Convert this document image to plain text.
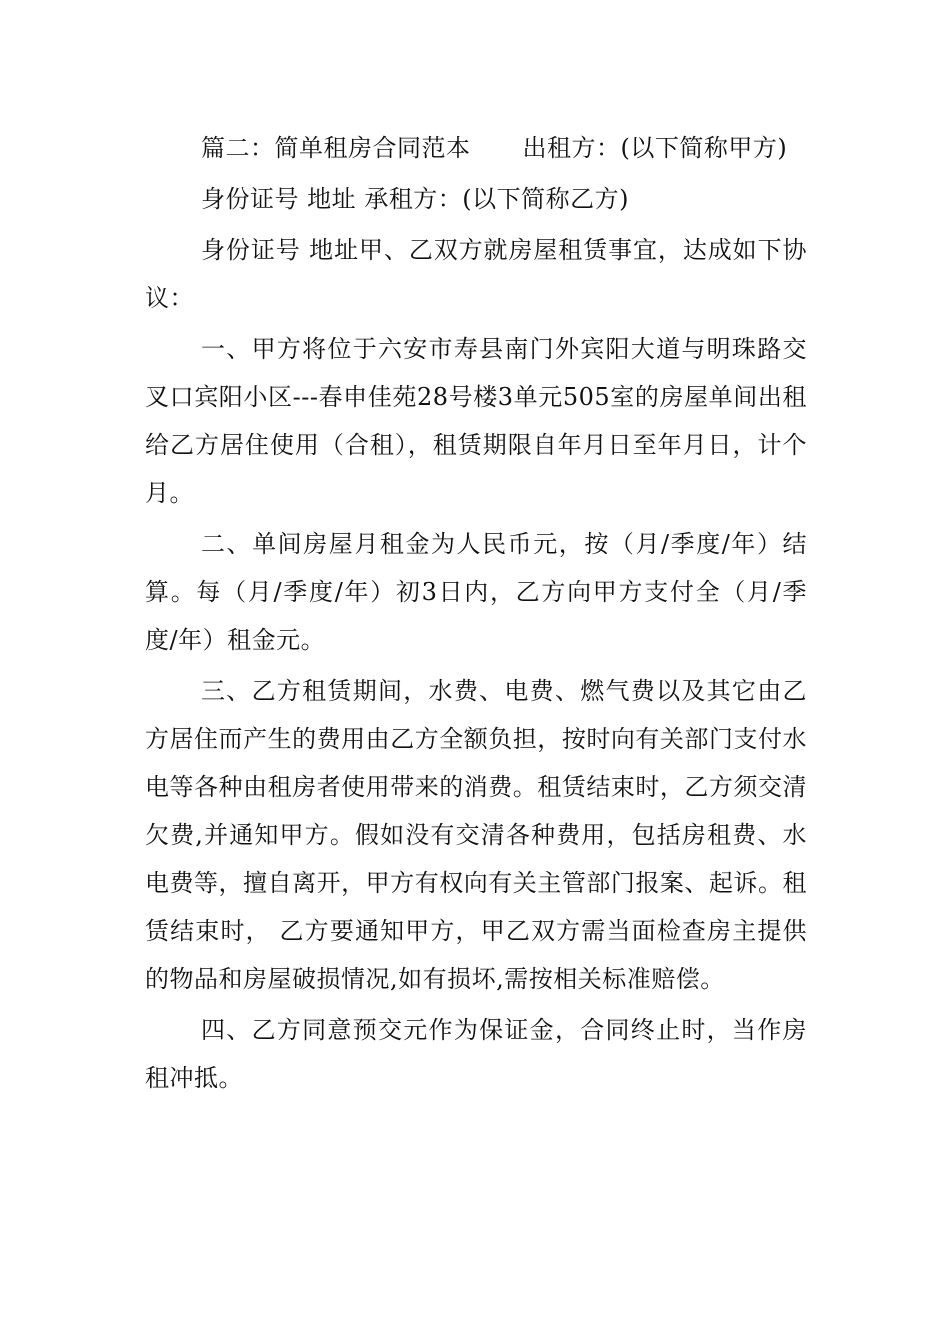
篇二：简单租房合同范本 出租方：(以下简称甲方)

身份证号 地址 承租方：(以下简称乙方)

身份证号 地址甲、乙双方就房屋租赁事宜，达成如下协议：

一、甲方将位于六安市寿县南门外宾阳大道与明珠路交叉口宾阳小区---春申佳苑28号楼3单元505室的房屋单间出租给乙方居住使用（合租），租赁期限自年月日至年月日，计个月。

二、单间房屋月租金为人民币元，按（月/季度/年）结算。每（月/季度/年）初3日内，乙方向甲方支付全（月/季度/年）租金元。

三、乙方租赁期间，水费、电费、燃气费以及其它由乙方居住而产生的费用由乙方全额负担，按时向有关部门支付水电等各种由租房者使用带来的消费。租赁结束时，乙方须交清欠费,并通知甲方。假如没有交清各种费用，包括房租费、水电费等，擅自离开，甲方有权向有关主管部门报案、起诉。租赁结束时， 乙方要通知甲方，甲乙双方需当面检查房主提供的物品和房屋破损情况,如有损坏,需按相关标准赔偿。

四、乙方同意预交元作为保证金，合同终止时，当作房租冲抵。
